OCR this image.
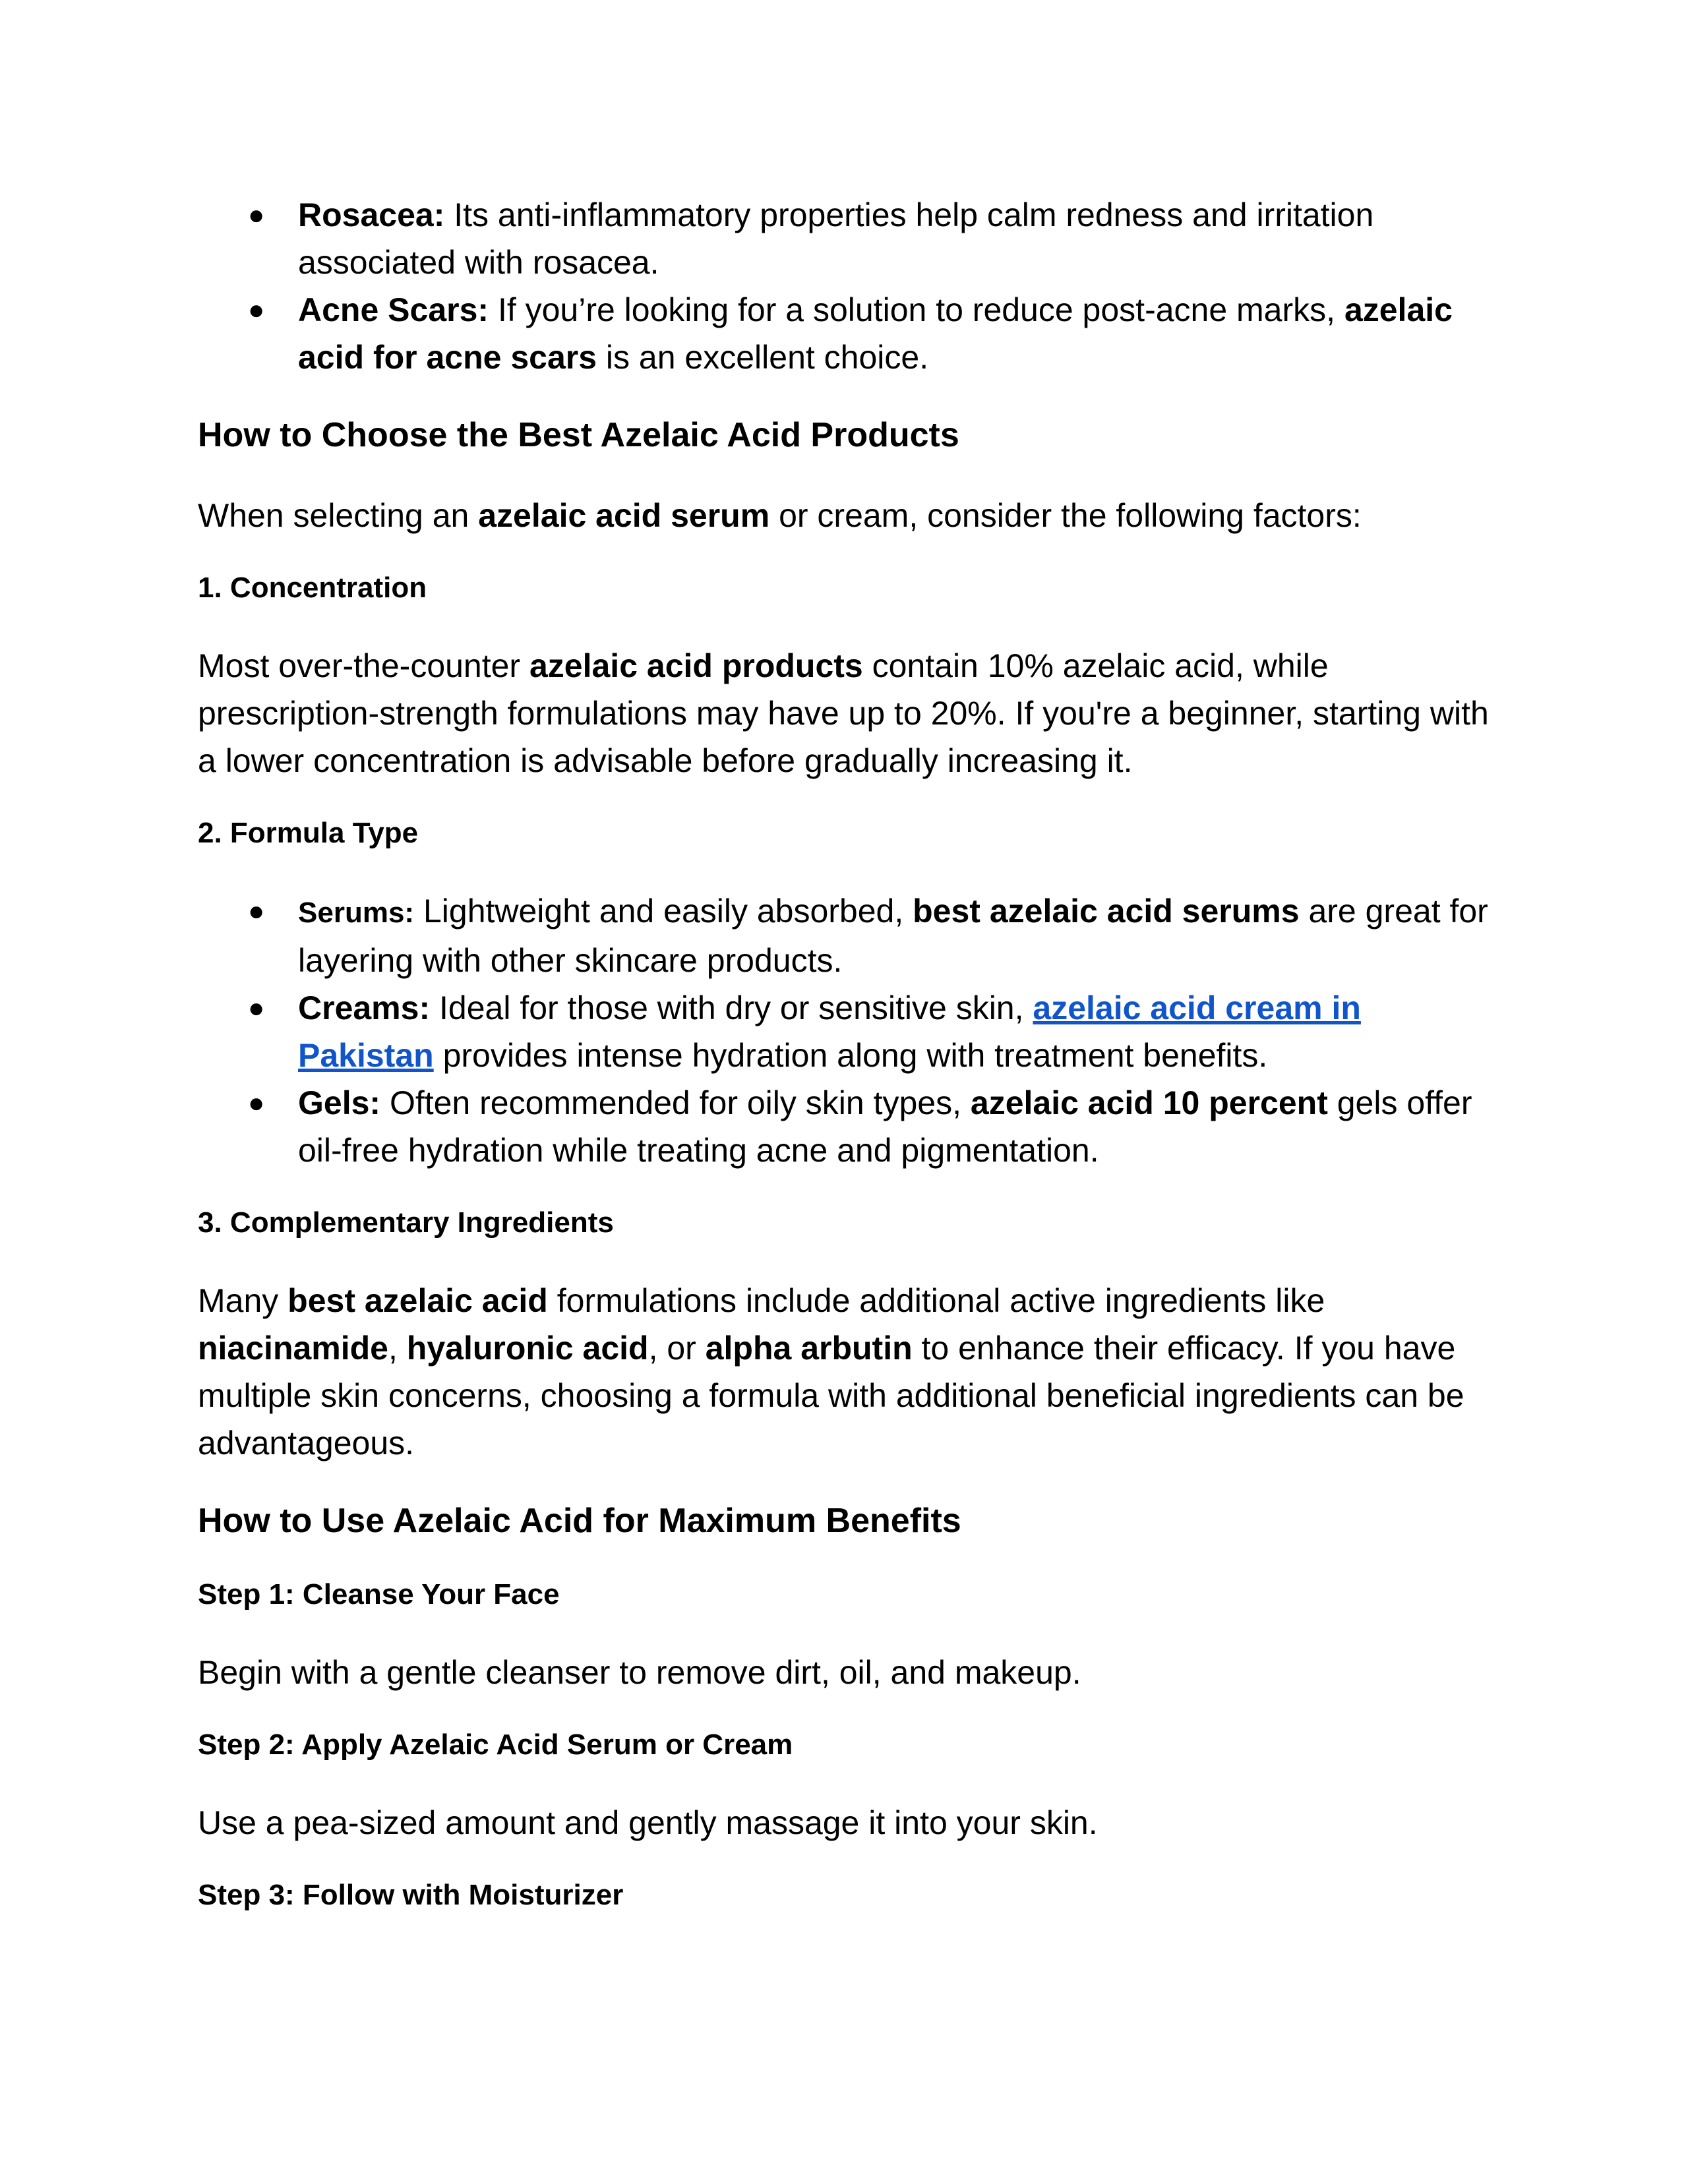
● Rosacea: Its anti-inflammatory properties help calm redness and irritation associated with rosacea.
● Acne Scars: If you’re looking for a solution to reduce post-acne marks, azelaic acid for acne scars is an excellent choice.
How to Choose the Best Azelaic Acid Products

When selecting an azelaic acid serum or cream, consider the following factors:

1. Concentration

Most over-the-counter azelaic acid products contain 10% azelaic acid, while prescription-strength formulations may have up to 20%. If you're a beginner, starting with a lower concentration is advisable before gradually increasing it.

2. Formula Type
● Serums: Lightweight and easily absorbed, best azelaic acid serums are great for layering with other skincare products.
● Creams: Ideal for those with dry or sensitive skin, azelaic acid cream in Pakistan provides intense hydration along with treatment benefits.
● Gels: Often recommended for oily skin types, azelaic acid 10 percent gels offer oil-free hydration while treating acne and pigmentation.
3. Complementary Ingredients

Many best azelaic acid formulations include additional active ingredients like niacinamide, hyaluronic acid, or alpha arbutin to enhance their efficacy. If you have multiple skin concerns, choosing a formula with additional beneficial ingredients can be advantageous.

How to Use Azelaic Acid for Maximum Benefits
Step 1: Cleanse Your Face

Begin with a gentle cleanser to remove dirt, oil, and makeup.

Step 2: Apply Azelaic Acid Serum or Cream

Use a pea-sized amount and gently massage it into your skin.

Step 3: Follow with Moisturizer
